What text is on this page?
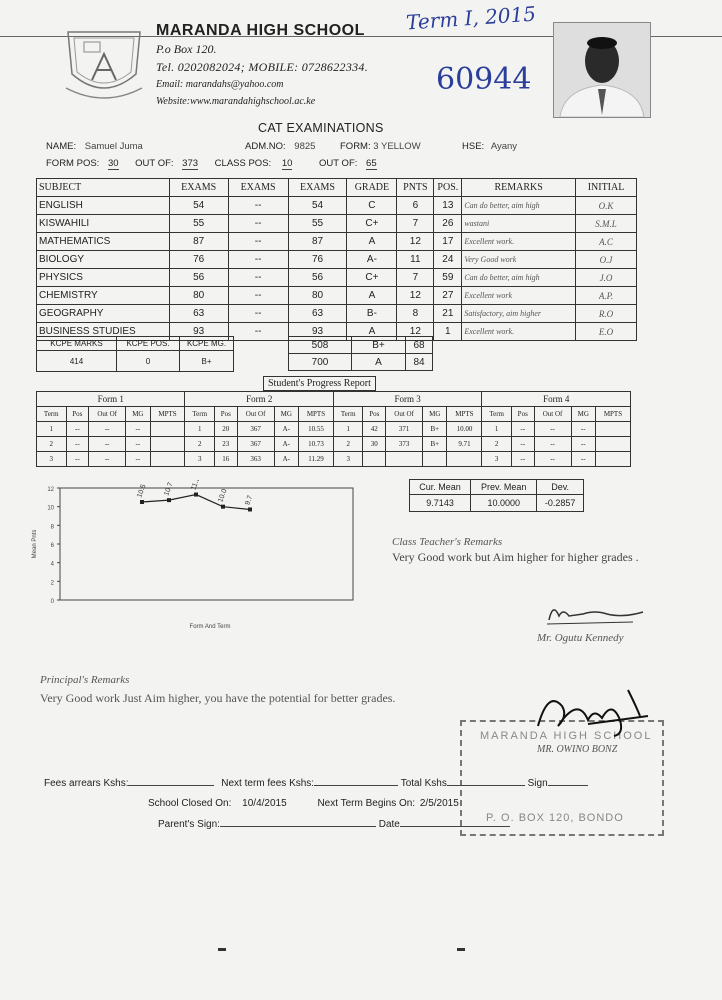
MARANDA HIGH SCHOOL
P.o Box 120.
Tel. 0202082024; MOBILE: 0728622334.
Email: marandahs@yahoo.com
Website:www.marandahighschool.ac.ke
Term I, 2015
60944
CAT EXAMINATIONS
NAME: Samuel Juma	ADM.NO: 9825	FORM: 3 YELLOW	HSE: Ayany
FORM POS: 30 OUT OF: 373 CLASS POS: 10	OUT OF: 65
SUBJECT	EXAMS	EXAMS	EXAMS	GRADE	PNTS	POS.	REMARKS	INITIAL
ENGLISH	54	--	54	C	6	13	Can do better, aim high	O.K
KISWAHILI	55	--	55	C+	7	26	wastani	S.M.L
MATHEMATICS	87	--	87	A	12	17	Excellent work.	A.C
BIOLOGY	76	--	76	A-	11	24	Very Good work	O.J
PHYSICS	56	--	56	C+	7	59	Can do better, aim high	J.O
CHEMISTRY	80	--	80	A	12	27	Excellent work	A.P.
GEOGRAPHY	63	--	63	B-	8	21	Satisfactory, aim higher	R.O
BUSINESS STUDIES	93	--	93	A	12	1	Excellent work.	E.O
KCPE MARKS	KCPE POS.	KCPE MG.
414	0	B+
508	B+	68
700	A	84
Student's Progress Report
Form 1					Form 2					Form 3					Form 4				
Term	Pos	Out Of	MG	MPTS	Term	Pos	Out Of	MG	MPTS	Term	Pos	Out Of	MG	MPTS	Term	Pos	Out Of	MG	MPTS
1	--	--	--		1	20	367	A-	10.55	1	42	371	B+	10.00	1	--	--	--	
2	--	--	--		2	23	367	A-	10.73	2	30	373	B+	9.71	2	--	--	--	
3	--	--	--		3	16	363	A-	11.29	3					3	--	--	--	
0
2
4
6
8
10
12
Mean Pnts
Form And Term
10.5 10.7 11.3
10.0 9.7
Cur. Mean	Prev. Mean	Dev.
9.7143	10.0000	-0.2857
Class Teacher's Remarks
Very Good work but Aim higher for higher grades .
Mr. Ogutu Kennedy
Principal's Remarks
Very Good work Just Aim higher, you have the potential for better grades.
MARANDA HIGH SCHOOL
P. O. BOX 120, BONDO
MR. OWINO BONZ
Fees arrears Kshs:	Next term fees Kshs:	Total Kshs	Sign
School Closed On: 10/4/2015	Next Term Begins On: 2/5/2015
Parent's Sign:	Date
